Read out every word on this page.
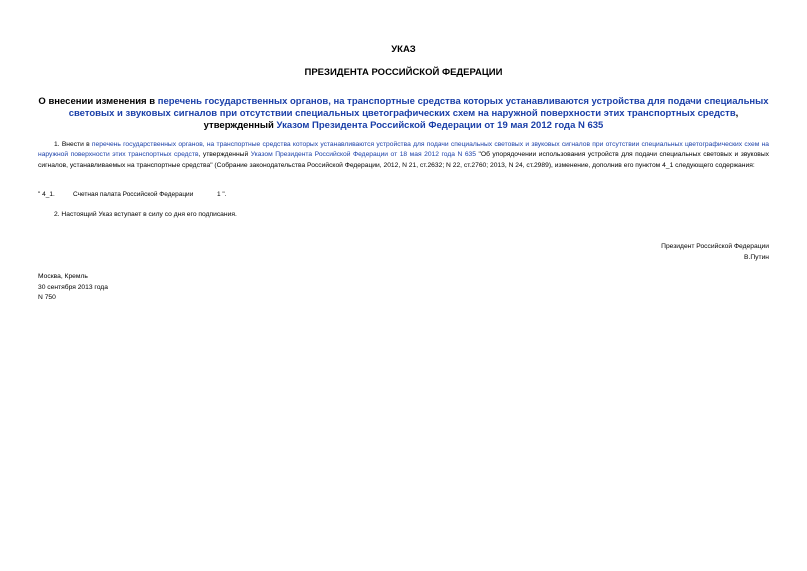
УКАЗ
ПРЕЗИДЕНТА РОССИЙСКОЙ ФЕДЕРАЦИИ
О внесении изменения в перечень государственных органов, на транспортные средства которых устанавливаются устройства для подачи специальных световых и звуковых сигналов при отсутствии специальных цветографических схем на наружной поверхности этих транспортных средств, утвержденный Указом Президента Российской Федерации от 19 мая 2012 года N 635
1. Внести в перечень государственных органов, на транспортные средства которых устанавливаются устройства для подачи специальных световых и звуковых сигналов при отсутствии специальных цветографических схем на наружной поверхности этих транспортных средств, утвержденный Указом Президента Российской Федерации от 18 мая 2012 года N 635 "Об упорядочении использования устройств для подачи специальных световых и звуковых сигналов, устанавливаемых на транспортные средства" (Собрание законодательства Российской Федерации, 2012, N 21, ст.2632; N 22, ст.2760; 2013, N 24, ст.2989), изменение, дополнив его пунктом 4_1 следующего содержания:
" 4_1.	Счетная палата Российской Федерации	1 ".
2. Настоящий Указ вступает в силу со дня его подписания.
Президент Российской Федерации
В.Путин
Москва, Кремль
30 сентября 2013 года
N 750
